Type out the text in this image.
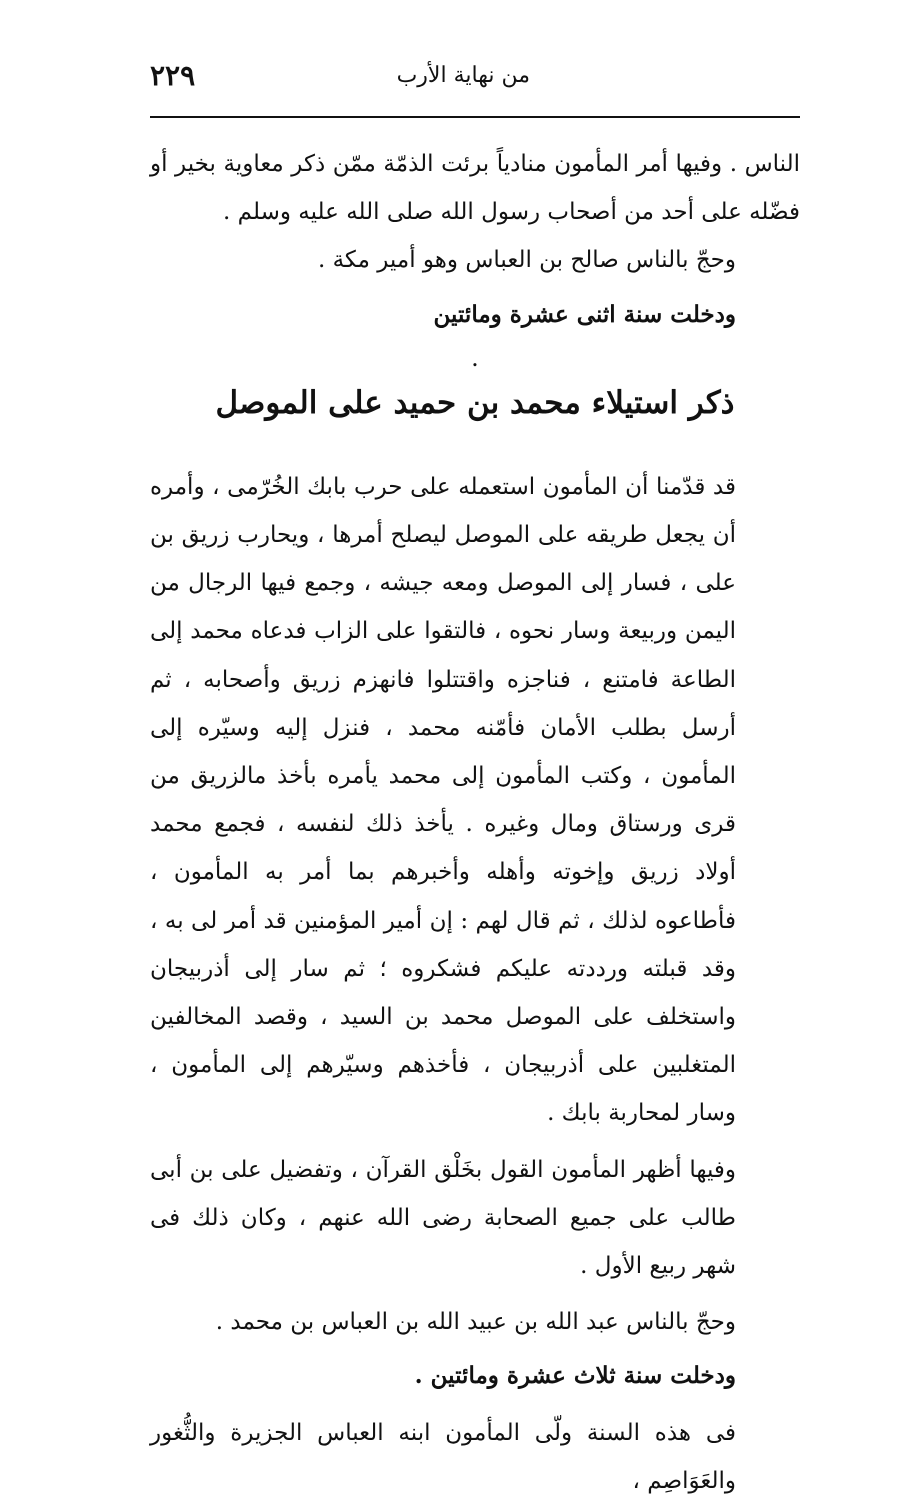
من نهاية الأرب
٢٢٩

الناس . وفيها أمر المأمون منادياً برئت الذمّة ممّن ذكر معاوية بخير أو فضّله على أحد من أصحاب رسول الله صلى الله عليه وسلم .

وحجّ بالناس صالح بن العباس وهو أمير مكة .

ودخلت سنة اثنى عشرة ومائتين

.

ذكر استيلاء محمد بن حميد على الموصل

قد قدّمنا أن المأمون استعمله على حرب بابك الخُرّمى ، وأمره أن يجعل طريقه على الموصل ليصلح أمرها ، ويحارب زريق بن على ، فسار إلى الموصل ومعه جيشه ، وجمع فيها الرجال من اليمن وربيعة وسار نحوه ، فالتقوا على الزاب فدعاه محمد إلى الطاعة فامتنع ، فناجزه واقتتلوا فانهزم زريق وأصحابه ، ثم أرسل بطلب الأمان فأمّنه محمد ، فنزل إليه وسيّره إلى المأمون ، وكتب المأمون إلى محمد يأمره بأخذ مالزريق من قرى ورستاق ومال وغيره . يأخذ ذلك لنفسه ، فجمع محمد أولاد زريق وإخوته وأهله وأخبرهم بما أمر به المأمون ، فأطاعوه لذلك ، ثم قال لهم : إن أمير المؤمنين قد أمر لى به ، وقد قبلته ورددته عليكم فشكروه ؛ ثم سار إلى أذربيجان واستخلف على الموصل محمد بن السيد ، وقصد المخالفين المتغلبين على أذربيجان ، فأخذهم وسيّرهم إلى المأمون ، وسار لمحاربة بابك .

وفيها أظهر المأمون القول بخَلْق القرآن ، وتفضيل على بن أبى طالب على جميع الصحابة رضى الله عنهم ، وكان ذلك فى شهر ربيع الأول .

وحجّ بالناس عبد الله بن عبيد الله بن العباس بن محمد .

ودخلت سنة ثلاث عشرة ومائتين .

فى هذه السنة ولّى المأمون ابنه العباس الجزيرة والثُّغور والعَوَاصِم ،
